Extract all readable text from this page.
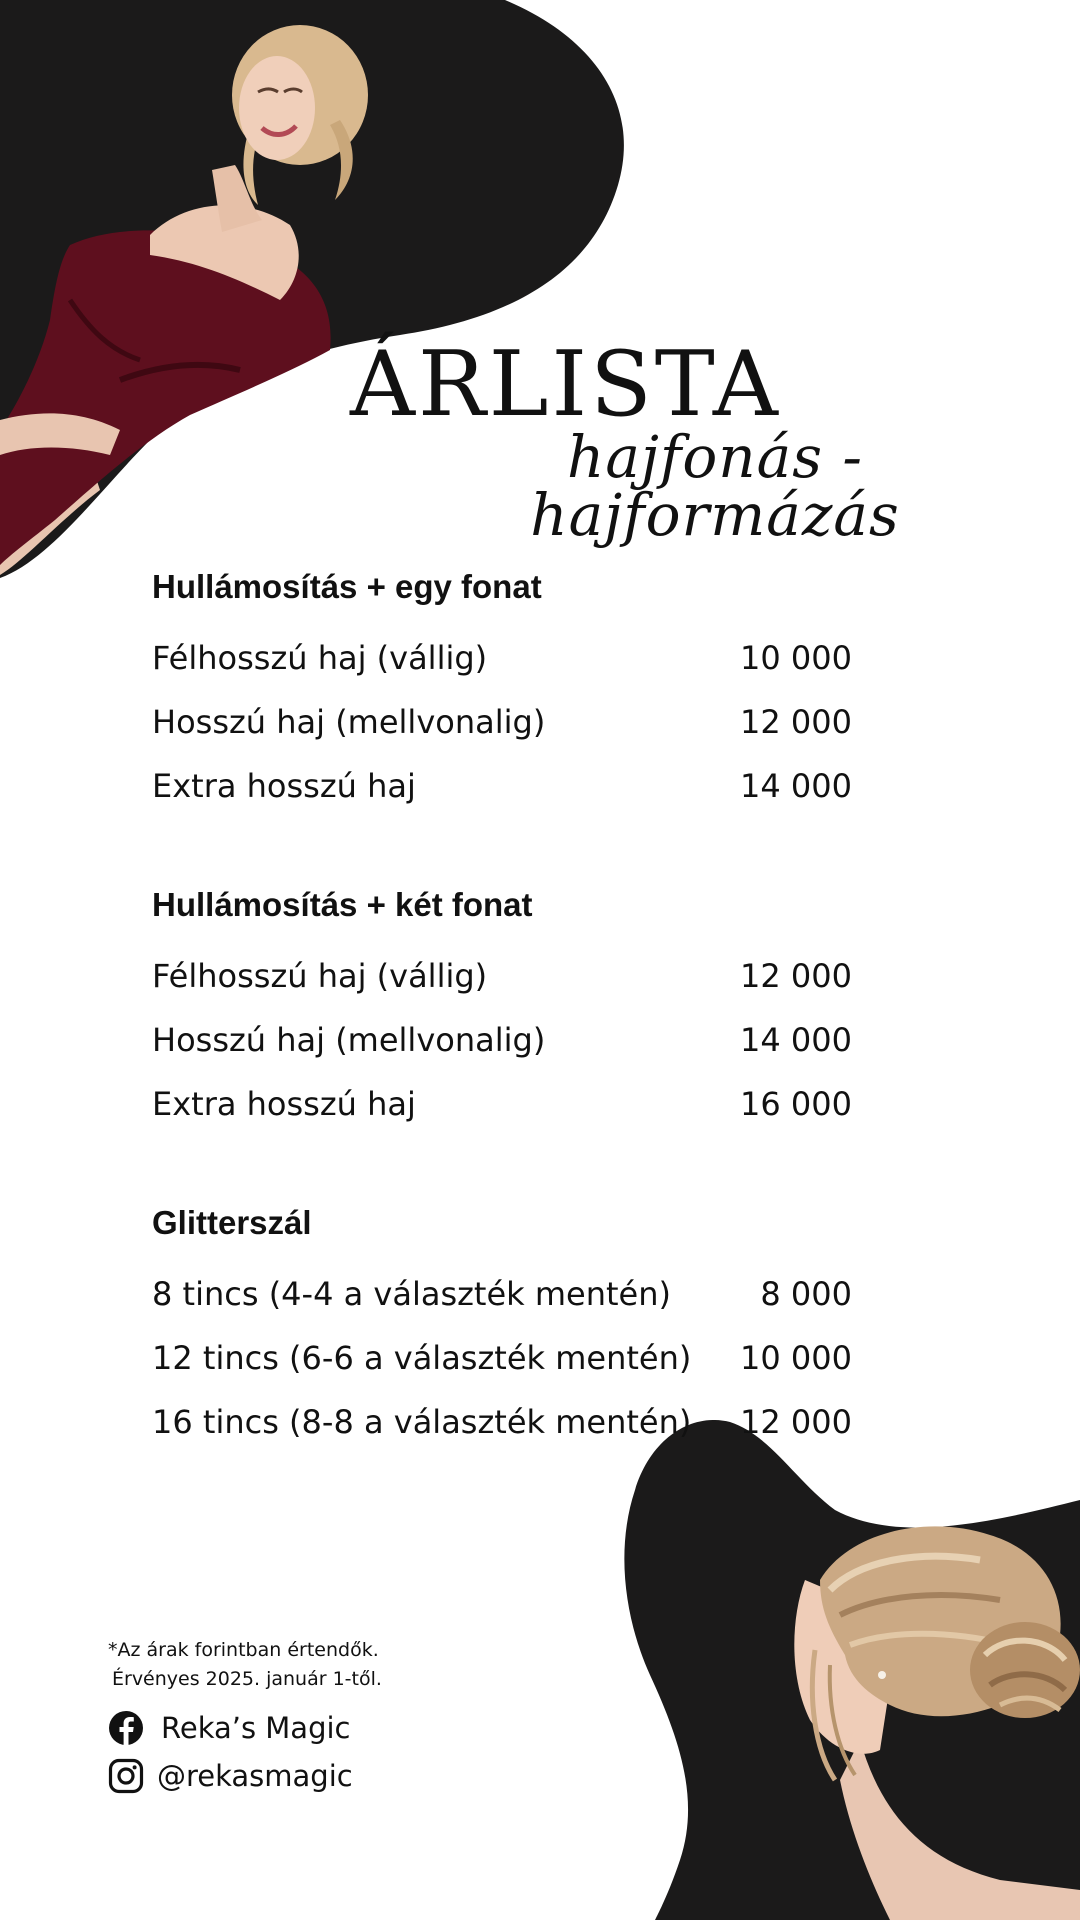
ÁRLISTA
hajfonás - hajformázás
Hullámosítás + egy fonat
Félhosszú haj (vállig)	10 000
Hosszú haj (mellvonalig)	12 000
Extra hosszú haj	14 000
Hullámosítás + két fonat
Félhosszú haj (vállig)	12 000
Hosszú haj (mellvonalig)	14 000
Extra hosszú haj	16 000
Glitterszál
8 tincs (4-4 a választék mentén)	8 000
12 tincs (6-6 a választék mentén) 10 000
16 tincs (8-8 a választék mentén) 12 000
*Az árak forintban értendők.
Érvényes 2025. január 1-től.
Reka’s Magic
@rekasmagic
